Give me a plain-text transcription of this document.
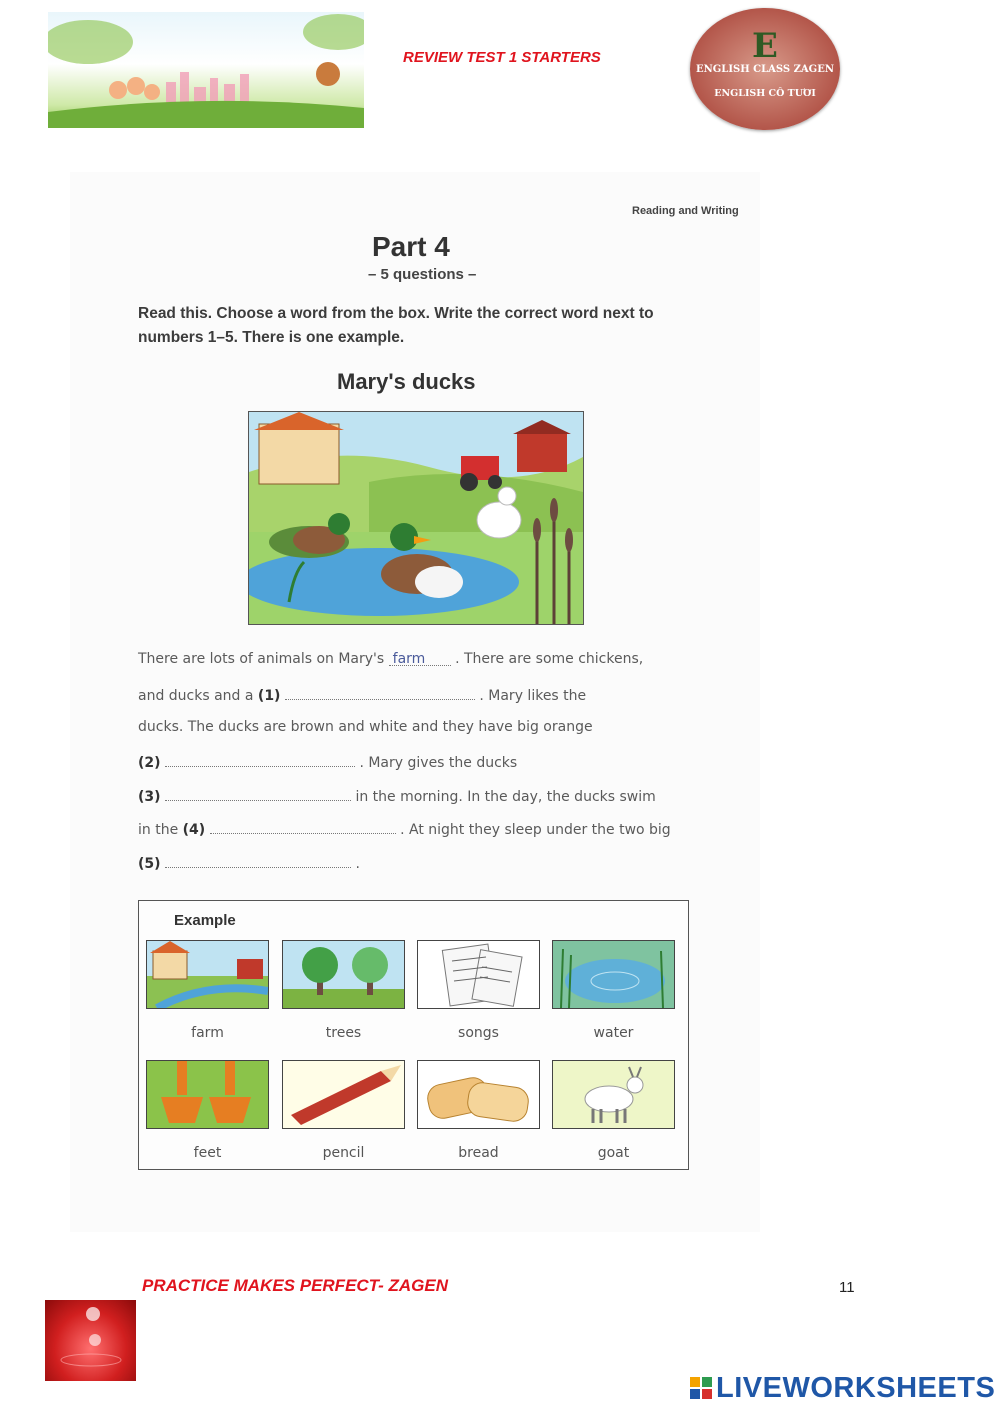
REVIEW TEST 1 STARTERS	E
ENGLISH CLASS ZAGEN
ENGLISH CÔ TƯƠI
Reading and Writing
Part 4
– 5 questions –
Read this. Choose a word from the box. Write the correct word next to numbers 1–5. There is one example.
Mary's ducks
There are lots of animals on Mary's farm . There are some chickens,
and ducks and a (1)	. Mary likes the
ducks. The ducks are brown and white and they have big orange
(2)	. Mary gives the ducks
(3)	in the morning. In the day, the ducks swim
in the (4)	. At night they sleep under the two big
(5)	.
Example
farm	trees	songs	water
feet	pencil	bread	goat
PRACTICE MAKES PERFECT- ZAGEN	11
LIVEWORKSHEETS
